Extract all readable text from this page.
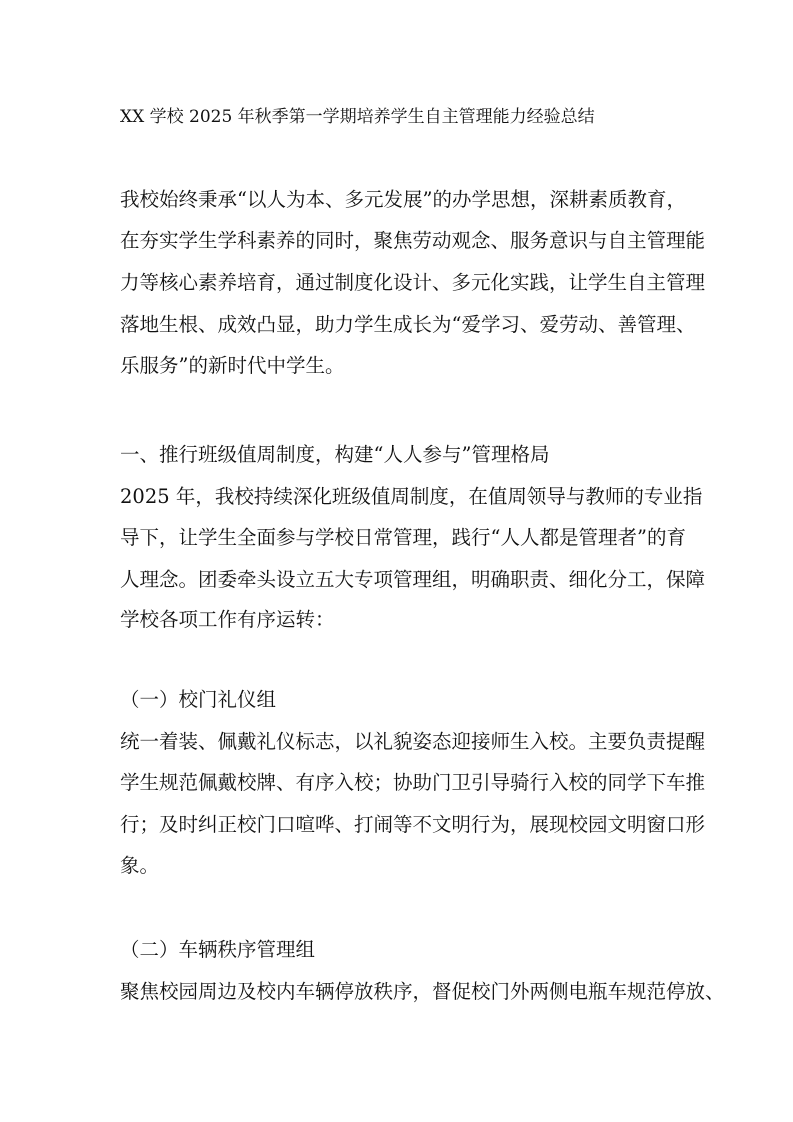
XX 学校 2025 年秋季第一学期培养学生自主管理能力经验总结
我校始终秉承“以人为本、多元发展”的办学思想，深耕素质教育，
在夯实学生学科素养的同时，聚焦劳动观念、服务意识与自主管理能
力等核心素养培育，通过制度化设计、多元化实践，让学生自主管理
落地生根、成效凸显，助力学生成长为“爱学习、爱劳动、善管理、
乐服务”的新时代中学生。
一、推行班级值周制度，构建“人人参与”管理格局
2025 年，我校持续深化班级值周制度，在值周领导与教师的专业指
导下，让学生全面参与学校日常管理，践行“人人都是管理者”的育
人理念。团委牵头设立五大专项管理组，明确职责、细化分工，保障
学校各项工作有序运转：
（一）校门礼仪组
统一着装、佩戴礼仪标志，以礼貌姿态迎接师生入校。主要负责提醒
学生规范佩戴校牌、有序入校；协助门卫引导骑行入校的同学下车推
行；及时纠正校门口喧哗、打闹等不文明行为，展现校园文明窗口形
象。
（二）车辆秩序管理组
聚焦校园周边及校内车辆停放秩序，督促校门外两侧电瓶车规范停放、
